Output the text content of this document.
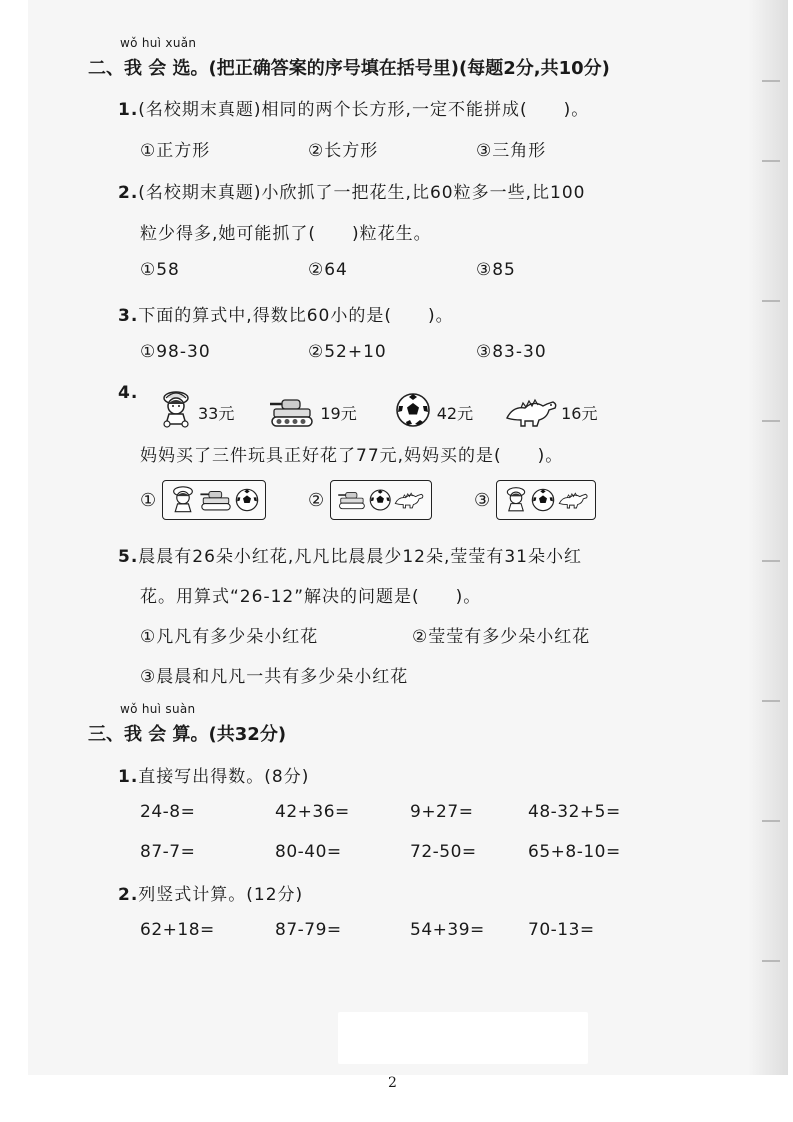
wǒ huì xuǎn
二、我 会 选。(把正确答案的序号填在括号里)(每题2分,共10分)
1.(名校期末真题)相同的两个长方形,一定不能拼成(　　)。
①正方形	②长方形	③三角形
2.(名校期末真题)小欣抓了一把花生,比60粒多一些,比100
粒少得多,她可能抓了(　　)粒花生。
①58	②64	③85
3.下面的算式中,得数比60小的是(　　)。
①98-30	②52+10	③83-30
4.
33元	19元	42元	16元
妈妈买了三件玩具正好花了77元,妈妈买的是(　　)。
①	②	③
5.晨晨有26朵小红花,凡凡比晨晨少12朵,莹莹有31朵小红
花。用算式“26-12”解决的问题是(　　)。
①凡凡有多少朵小红花	②莹莹有多少朵小红花
③晨晨和凡凡一共有多少朵小红花
wǒ huì suàn
三、我 会 算。(共32分)
1.直接写出得数。(8分)
24-8=	42+36=	9+27=	48-32+5=
87-7=	80-40=	72-50=	65+8-10=
2.列竖式计算。(12分)
62+18=	87-79=	54+39=	70-13=
2
